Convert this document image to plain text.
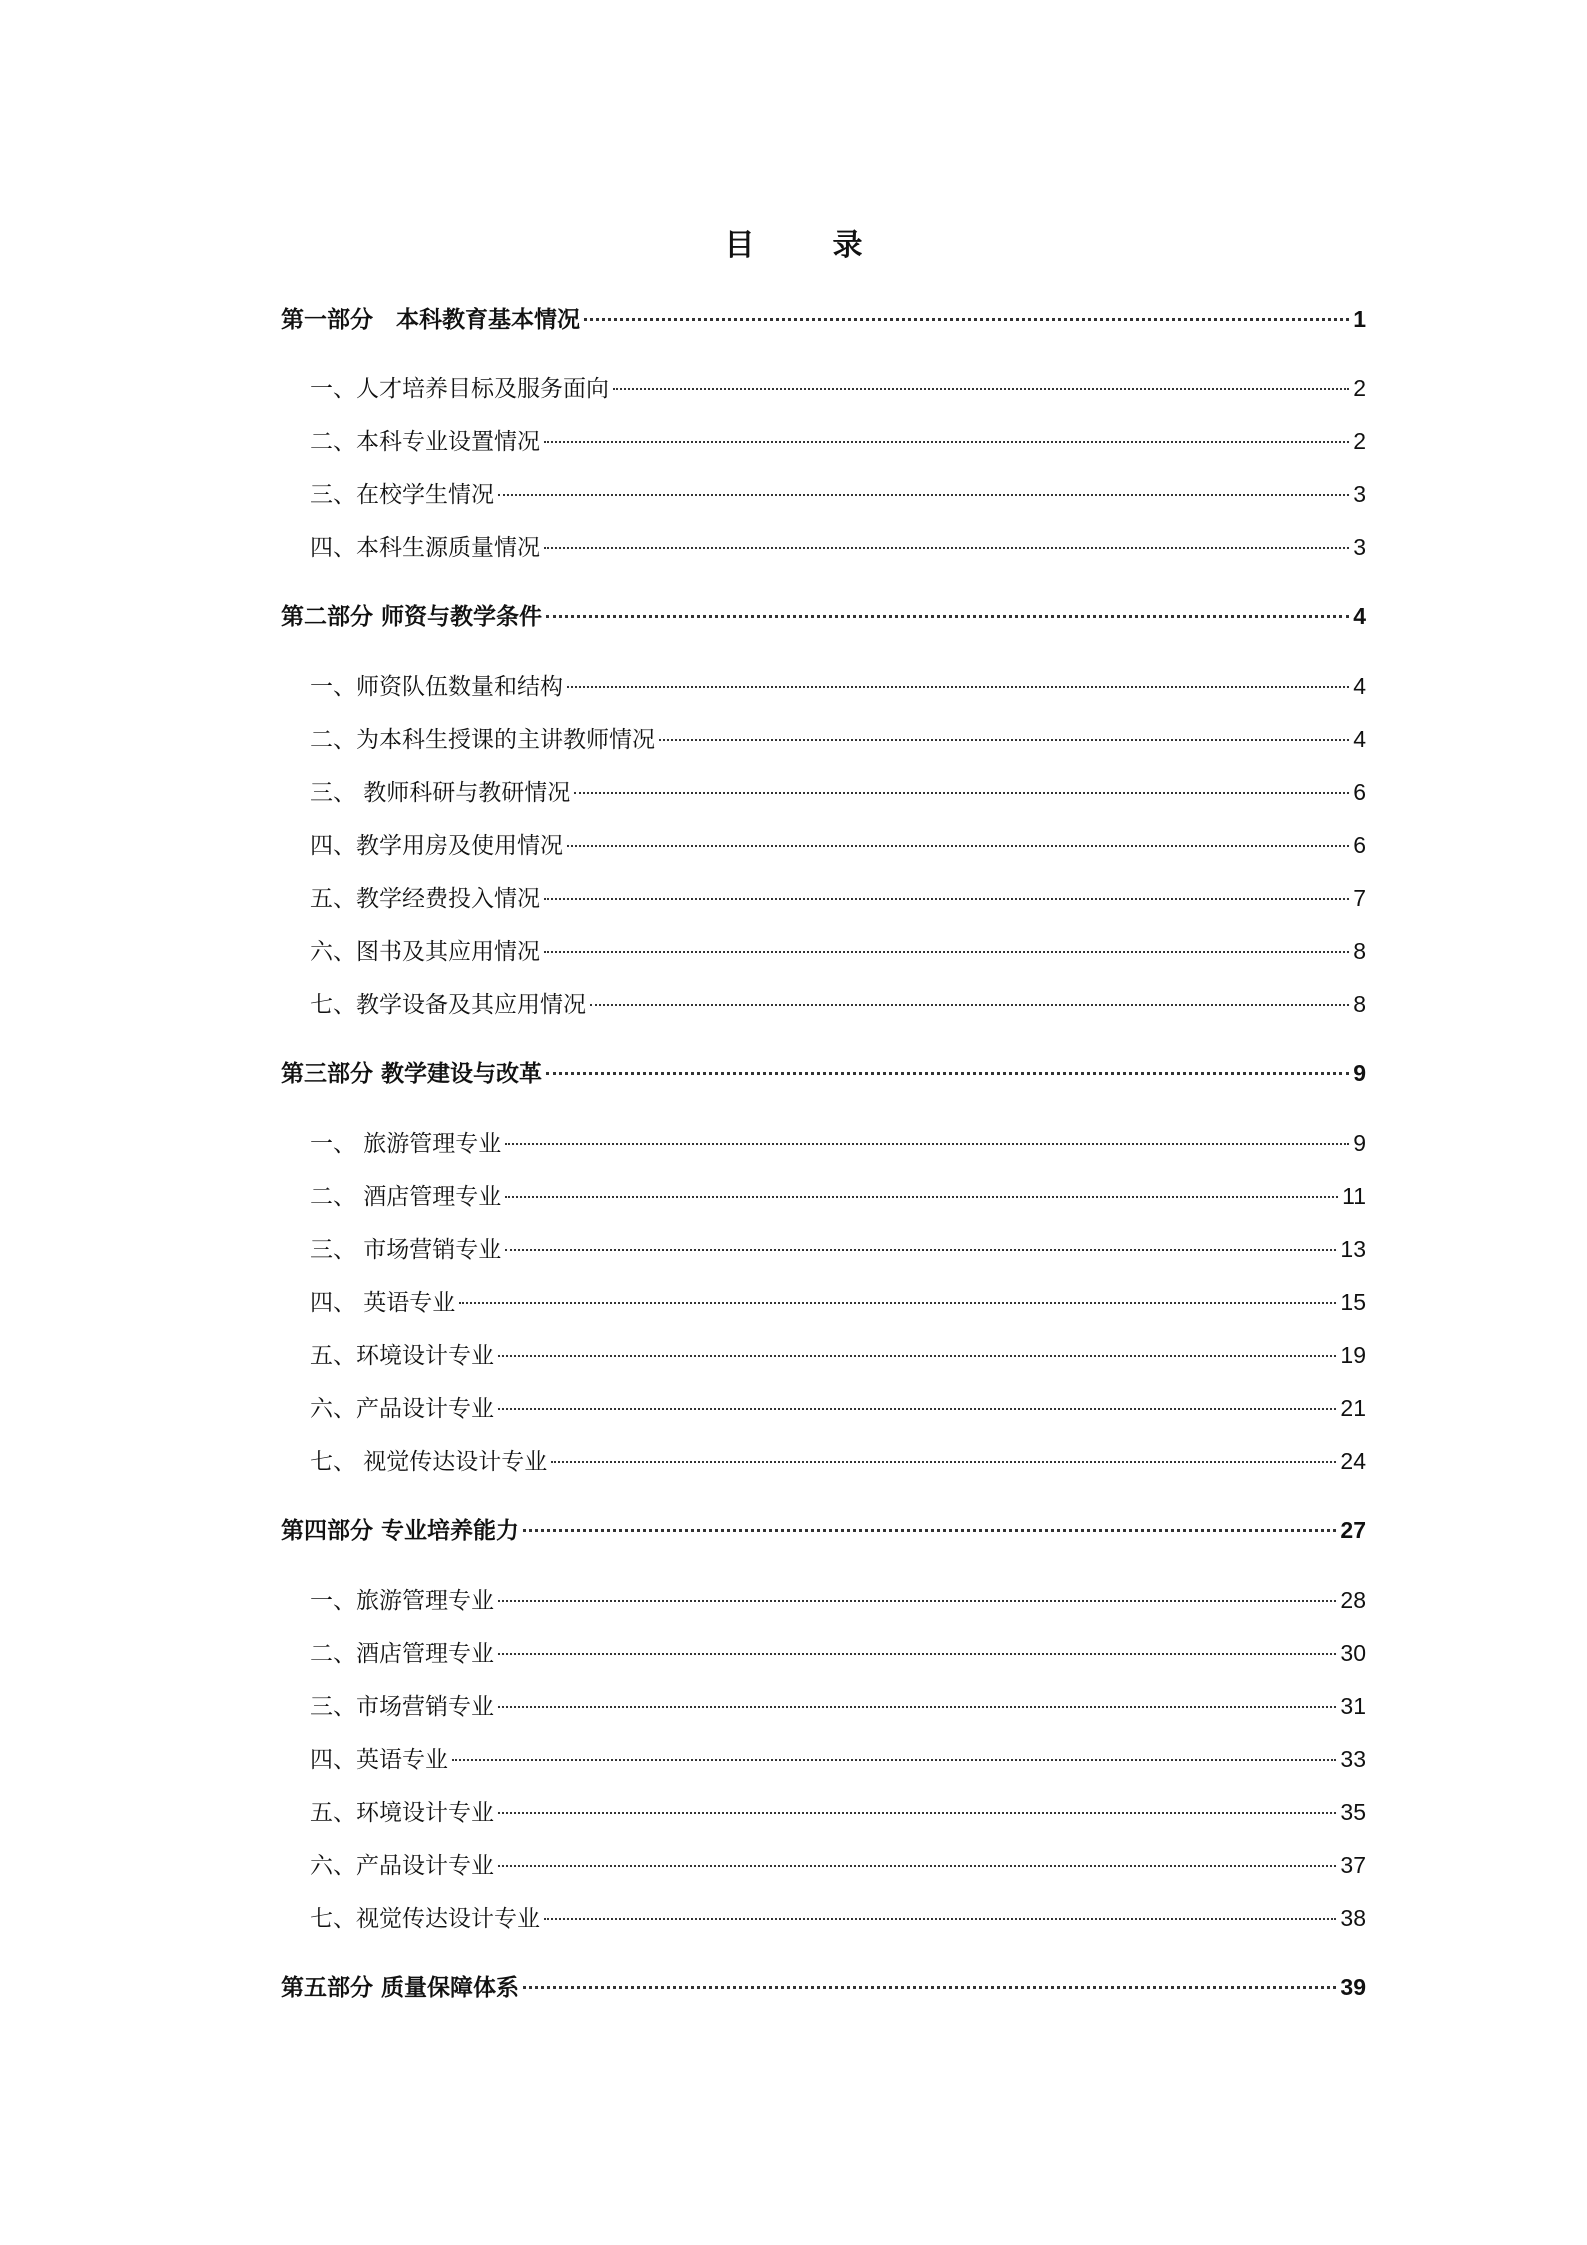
目　录
第一部分　本科教育基本情况	1
一、人才培养目标及服务面向	2
二、本科专业设置情况	2
三、在校学生情况	3
四、本科生源质量情况	3
第二部分 师资与教学条件	4
一、师资队伍数量和结构	4
二、为本科生授课的主讲教师情况	4
三、 教师科研与教研情况	6
四、教学用房及使用情况	6
五、教学经费投入情况	7
六、图书及其应用情况	8
七、教学设备及其应用情况	8
第三部分 教学建设与改革	9
一、 旅游管理专业	9
二、 酒店管理专业	11
三、 市场营销专业	13
四、 英语专业	15
五、环境设计专业	19
六、产品设计专业	21
七、 视觉传达设计专业	24
第四部分 专业培养能力	27
一、旅游管理专业	28
二、酒店管理专业	30
三、市场营销专业	31
四、英语专业	33
五、环境设计专业	35
六、产品设计专业	37
七、视觉传达设计专业	38
第五部分 质量保障体系	39
